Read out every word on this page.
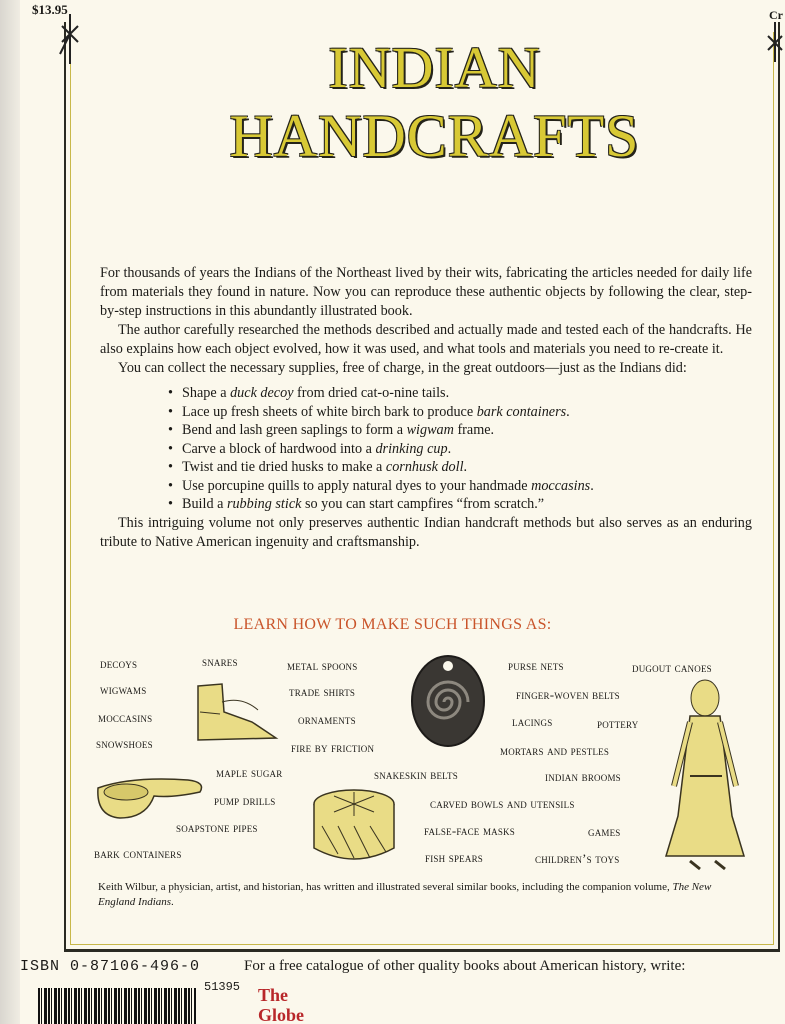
$13.95	Cr
INDIAN
HANDCRAFTS

For thousands of years the Indians of the Northeast lived by their wits, fabricating the articles needed for daily life from materials they found in nature. Now you can reproduce these authentic objects by following the clear, step-by-step instructions in this abundantly illustrated book.

The author carefully researched the methods described and actually made and tested each of the handcrafts. He also explains how each object evolved, how it was used, and what tools and materials you need to re-create it.

You can collect the necessary supplies, free of charge, in the great outdoors—just as the Indians did:

• Shape a duck decoy from dried cat-o-nine tails.
• Lace up fresh sheets of white birch bark to produce bark containers.
• Bend and lash green saplings to form a wigwam frame.
• Carve a block of hardwood into a drinking cup.
• Twist and tie dried husks to make a cornhusk doll.
• Use porcupine quills to apply natural dyes to your handmade moccasins.
• Build a rubbing stick so you can start campfires “from scratch.”

This intriguing volume not only preserves authentic Indian handcraft methods but also serves as an enduring tribute to Native American ingenuity and craftsmanship.

LEARN HOW TO MAKE SUCH THINGS AS:
decoys	snares	metal spoons	purse nets	dugout canoes
wigwams	trade shirts	finger-woven belts
moccasins	ornaments	lacings	pottery
snowshoes	fire by friction	mortars and pestles
maple sugar	snakeskin belts	indian brooms
pump drills	carved bowls and utensils
soapstone pipes	false-face masks	games
bark containers	fish spears	children’s toys
Keith Wilbur, a physician, artist, and historian, has written and illustrated several similar books, including the companion volume, The New England Indians.
ISBN 0-87106-496-0	For a free catalogue of other quality books about American history, write:
51395 The
Globe
